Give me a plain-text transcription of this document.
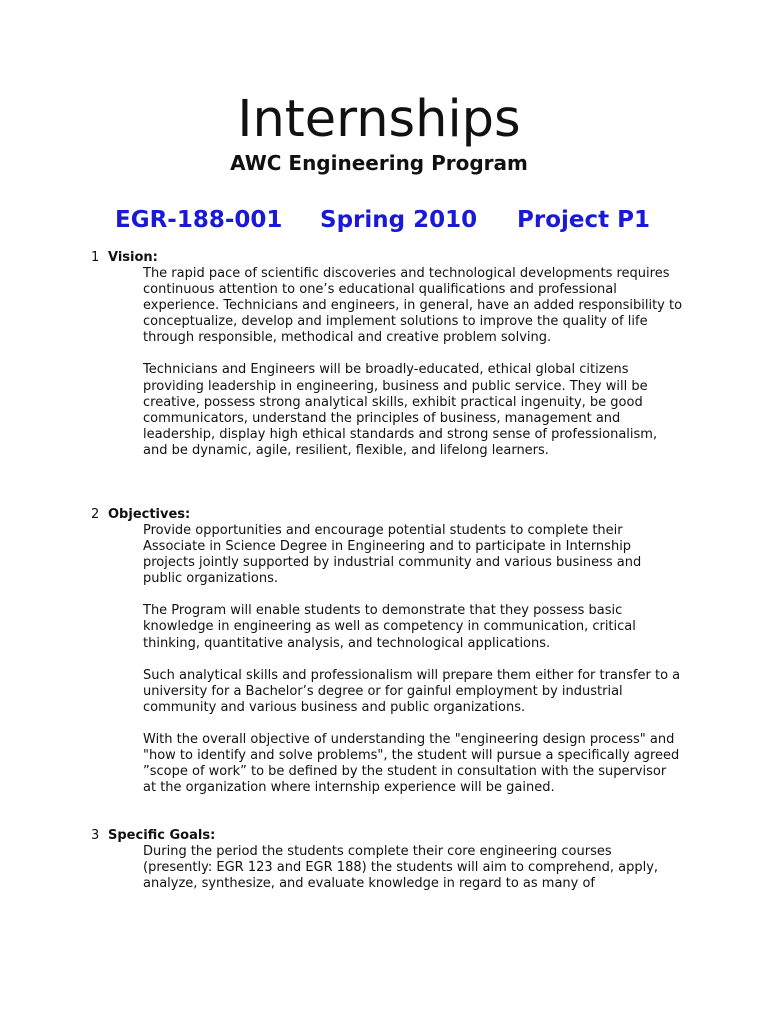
Internships
AWC Engineering Program
EGR-188-001 Spring 2010 Project P1
1 Vision:

The rapid pace of scientific discoveries and technological developments requires continuous attention to one’s educational qualifications and professional experience. Technicians and engineers, in general, have an added responsibility to conceptualize, develop and implement solutions to improve the quality of life through responsible, methodical and creative problem solving.

Technicians and Engineers will be broadly-educated, ethical global citizens providing leadership in engineering, business and public service. They will be creative, possess strong analytical skills, exhibit practical ingenuity, be good communicators, understand the principles of business, management and leadership, display high ethical standards and strong sense of professionalism, and be dynamic, agile, resilient, flexible, and lifelong learners.

2 Objectives:

Provide opportunities and encourage potential students to complete their Associate in Science Degree in Engineering and to participate in Internship projects jointly supported by industrial community and various business and public organizations.

The Program will enable students to demonstrate that they possess basic knowledge in engineering as well as competency in communication, critical thinking, quantitative analysis, and technological applications.

Such analytical skills and professionalism will prepare them either for transfer to a university for a Bachelor’s degree or for gainful employment by industrial community and various business and public organizations.

With the overall objective of understanding the "engineering design process" and "how to identify and solve problems", the student will pursue a specifically agreed ”scope of work” to be defined by the student in consultation with the supervisor at the organization where internship experience will be gained.

3 Specific Goals:

During the period the students complete their core engineering courses (presently: EGR 123 and EGR 188) the students will aim to comprehend, apply, analyze, synthesize, and evaluate knowledge in regard to as many of
